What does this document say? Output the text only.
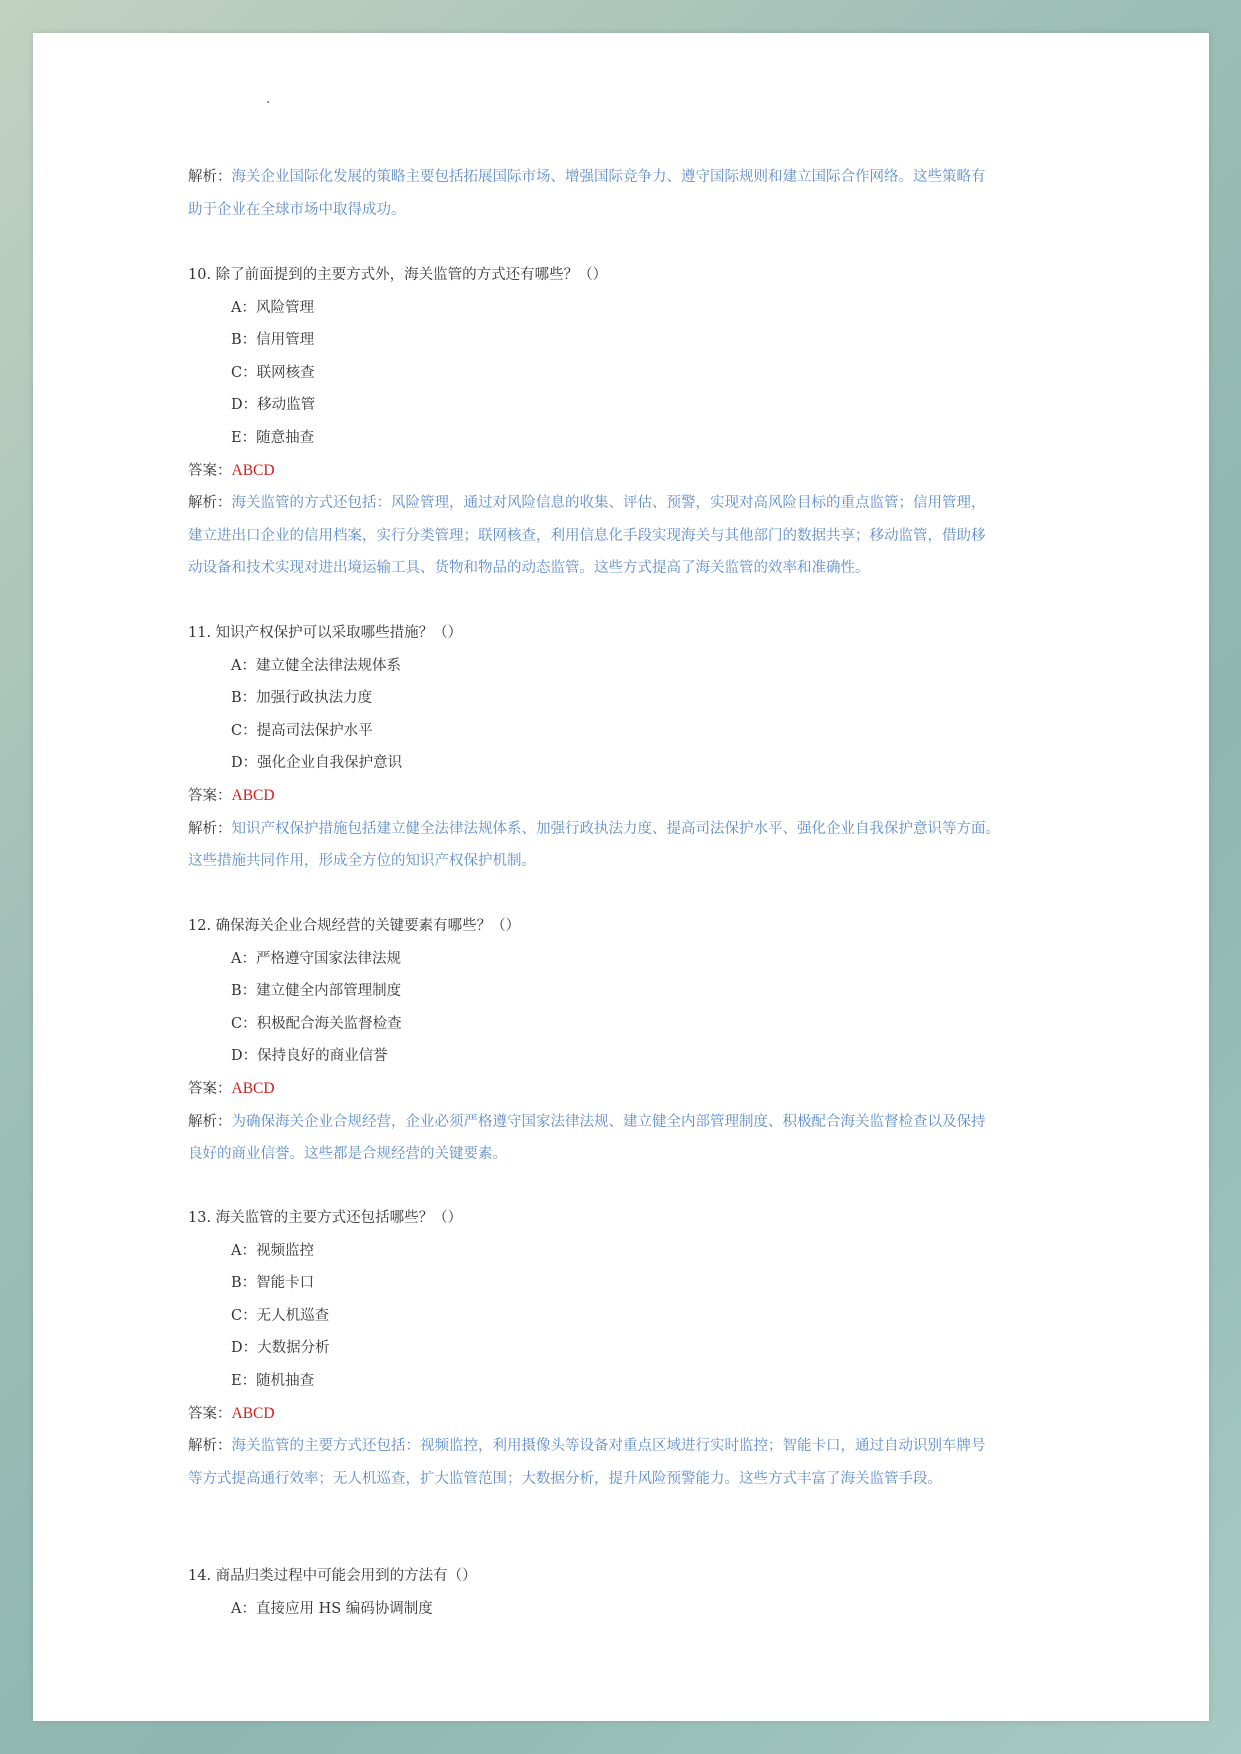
·
解析：海关企业国际化发展的策略主要包括拓展国际市场、增强国际竞争力、遵守国际规则和建立国际合作网络。这些策略有
助于企业在全球市场中取得成功。
10. 除了前面提到的主要方式外，海关监管的方式还有哪些？（）
A：风险管理
B：信用管理
C：联网核查
D：移动监管
E：随意抽查
答案：ABCD
解析：海关监管的方式还包括：风险管理，通过对风险信息的收集、评估、预警，实现对高风险目标的重点监管；信用管理，
建立进出口企业的信用档案，实行分类管理；联网核查，利用信息化手段实现海关与其他部门的数据共享；移动监管，借助移
动设备和技术实现对进出境运输工具、货物和物品的动态监管。这些方式提高了海关监管的效率和准确性。
11. 知识产权保护可以采取哪些措施？（）
A：建立健全法律法规体系
B：加强行政执法力度
C：提高司法保护水平
D：强化企业自我保护意识
答案：ABCD
解析：知识产权保护措施包括建立健全法律法规体系、加强行政执法力度、提高司法保护水平、强化企业自我保护意识等方面。
这些措施共同作用，形成全方位的知识产权保护机制。
12. 确保海关企业合规经营的关键要素有哪些？（）
A：严格遵守国家法律法规
B：建立健全内部管理制度
C：积极配合海关监督检查
D：保持良好的商业信誉
答案：ABCD
解析：为确保海关企业合规经营，企业必须严格遵守国家法律法规、建立健全内部管理制度、积极配合海关监督检查以及保持
良好的商业信誉。这些都是合规经营的关键要素。
13. 海关监管的主要方式还包括哪些？（）
A：视频监控
B：智能卡口
C：无人机巡查
D：大数据分析
E：随机抽查
答案：ABCD
解析：海关监管的主要方式还包括：视频监控，利用摄像头等设备对重点区域进行实时监控；智能卡口，通过自动识别车牌号
等方式提高通行效率；无人机巡查，扩大监管范围；大数据分析，提升风险预警能力。这些方式丰富了海关监管手段。
14. 商品归类过程中可能会用到的方法有（）
A：直接应用 HS 编码协调制度
